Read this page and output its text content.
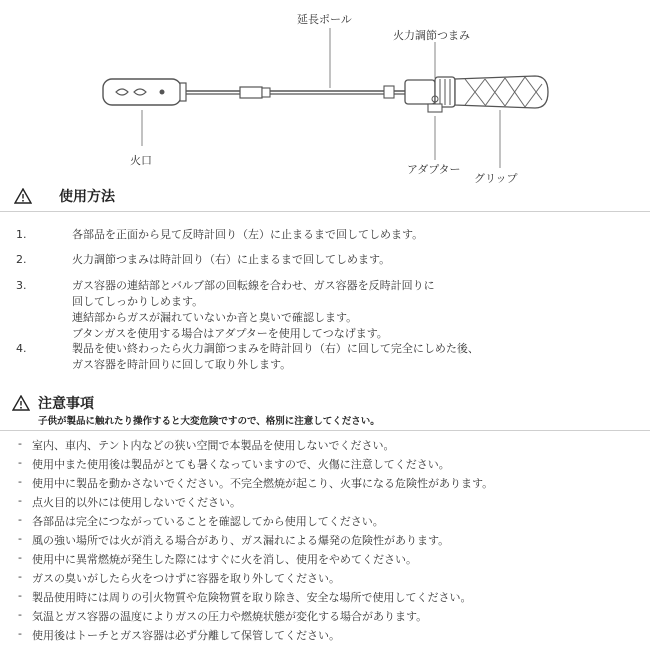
延長ポール
火力調節つまみ
火口
アダプター
グリップ
使用方法
1.	各部品を正面から見て反時計回り（左）に止まるまで回してしめます。
2.	火力調節つまみは時計回り（右）に止まるまで回してしめます。
3.	ガス容器の連結部とバルブ部の回転線を合わせ、ガス容器を反時計回りに
回してしっかりしめます。
連結部からガスが漏れていないか音と臭いで確認します。
ブタンガスを使用する場合はアダプターを使用してつなげます。
4.	製品を使い終わったら火力調節つまみを時計回り（右）に回して完全にしめた後、
ガス容器を時計回りに回して取り外します。
注意事項
子供が製品に触れたり操作すると大変危険ですので、格別に注意してください。
- 室内、車内、テント内などの狭い空間で本製品を使用しないでください。
- 使用中また使用後は製品がとても暑くなっていますので、火傷に注意してください。
- 使用中に製品を動かさないでください。不完全燃焼が起こり、火事になる危険性があります。
- 点火目的以外には使用しないでください。
- 各部品は完全につながっていることを確認してから使用してください。
- 風の強い場所では火が消える場合があり、ガス漏れによる爆発の危険性があります。
- 使用中に異常燃焼が発生した際にはすぐに火を消し、使用をやめてください。
- ガスの臭いがしたら火をつけずに容器を取り外してください。
- 製品使用時には周りの引火物質や危険物質を取り除き、安全な場所で使用してください。
- 気温とガス容器の温度によりガスの圧力や燃焼状態が変化する場合があります。
- 使用後はトーチとガス容器は必ず分離して保管してください。
